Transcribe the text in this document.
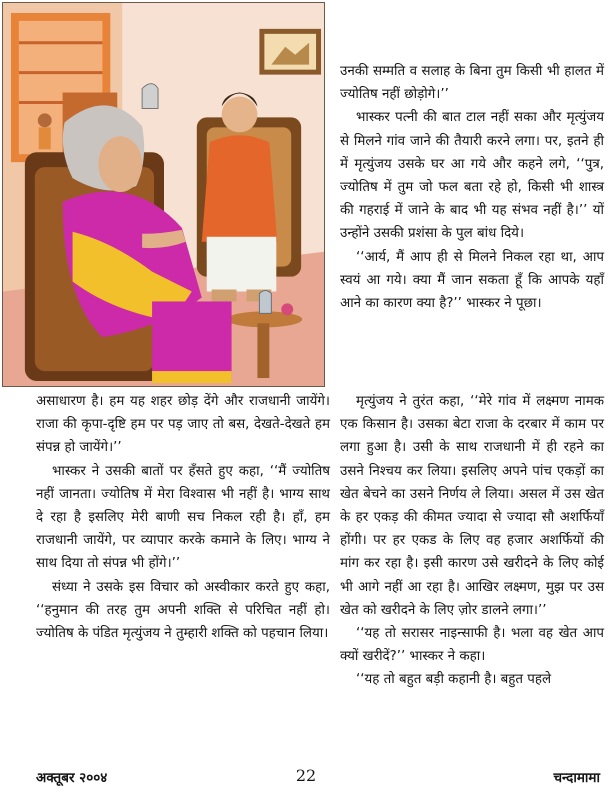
उनकी सम्मति व सलाह के बिना तुम किसी भी हालत में ज्योतिष नहीं छोड़ोगे।’’

भास्कर पत्नी की बात टाल नहीं सका और मृत्युंजय से मिलने गांव जाने की तैयारी करने लगा। पर, इतने ही में मृत्युंजय उसके घर आ गये और कहने लगे, ‘‘पुत्र, ज्योतिष में तुम जो फल बता रहे हो, किसी भी शास्त्र की गहराई में जाने के बाद भी यह संभव नहीं है।’’ यों उन्होंने उसकी प्रशंसा के पुल बांध दिये।

‘‘आर्य, मैं आप ही से मिलने निकल रहा था, आप स्वयं आ गये। क्या मैं जान सकता हूँ कि आपके यहाँ आने का कारण क्या है?’’ भास्कर ने पूछा।

असाधारण है। हम यह शहर छोड़ देंगे और राजधानी जायेंगे। राजा की कृपा-दृष्टि हम पर पड़ जाए तो बस, देखते-देखते हम संपन्न हो जायेंगे।’’

भास्कर ने उसकी बातों पर हँसते हुए कहा, ‘‘मैं ज्योतिष नहीं जानता। ज्योतिष में मेरा विश्वास भी नहीं है। भाग्य साथ दे रहा है इसलिए मेरी बाणी सच निकल रही है। हाँ, हम राजधानी जायेंगे, पर व्यापार करके कमाने के लिए। भाग्य ने साथ दिया तो संपन्न भी होंगे।’’

संध्या ने उसके इस विचार को अस्वीकार करते हुए कहा, ‘‘हनुमान की तरह तुम अपनी शक्ति से परिचित नहीं हो। ज्योतिष के पंडित मृत्युंजय ने तुम्हारी शक्ति को पहचान लिया।

मृत्युंजय ने तुरंत कहा, ‘‘मेरे गांव में लक्ष्मण नामक एक किसान है। उसका बेटा राजा के दरबार में काम पर लगा हुआ है। उसी के साथ राजधानी में ही रहने का उसने निश्चय कर लिया। इसलिए अपने पांच एकड़ों का खेत बेचने का उसने निर्णय ले लिया। असल में उस खेत के हर एकड़ की कीमत ज्यादा से ज्यादा सौ अशर्फियाँ होंगी। पर हर एकड के लिए वह हजार अशर्फियों की मांग कर रहा है। इसी कारण उसे खरीदने के लिए कोई भी आगे नहीं आ रहा है। आखिर लक्ष्मण, मुझ पर उस खेत को खरीदने के लिए ज़ोर डालने लगा।’’

‘‘यह तो सरासर नाइन्साफी है। भला वह खेत आप क्यों खरीदें?’’ भास्कर ने कहा।

‘‘यह तो बहुत बड़ी कहानी है। बहुत पहले

अक्तूबर २००४	22	चन्दामामा
